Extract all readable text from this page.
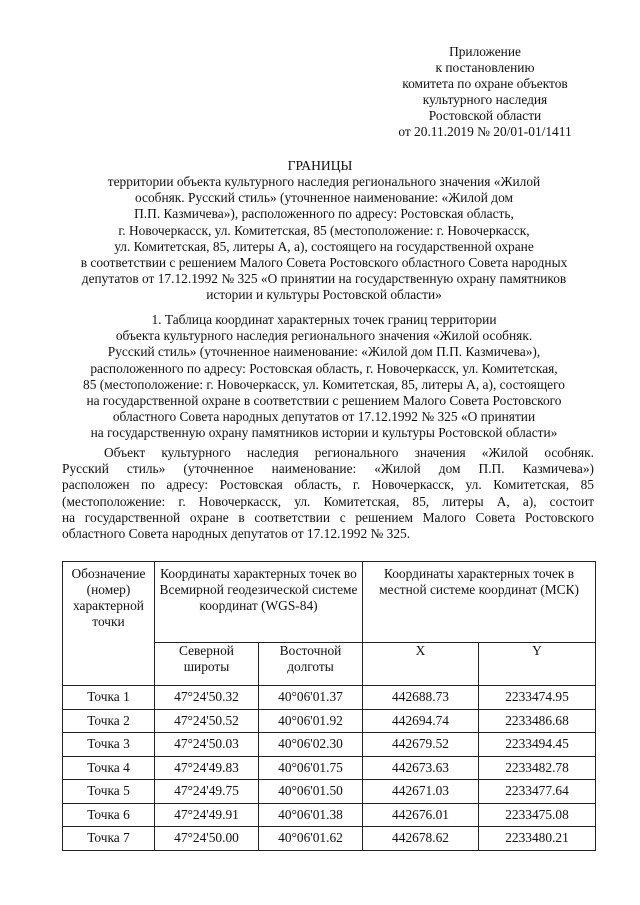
Приложение
к постановлению
комитета по охране объектов
культурного наследия
Ростовской области
от 20.11.2019 № 20/01-01/1411
ГРАНИЦЫ
территории объекта культурного наследия регионального значения «Жилой
особняк. Русский стиль» (уточненное наименование: «Жилой дом
П.П. Казмичева»), расположенного по адресу: Ростовская область,
г. Новочеркасск, ул. Комитетская, 85 (местоположение: г. Новочеркасск,
ул. Комитетская, 85, литеры А, а), состоящего на государственной охране
в соответствии с решением Малого Совета Ростовского областного Совета народных
депутатов от 17.12.1992 № 325 «О принятии на государственную охрану памятников
истории и культуры Ростовской области»
1. Таблица координат характерных точек границ территории
объекта культурного наследия регионального значения «Жилой особняк.
Русский стиль» (уточненное наименование: «Жилой дом П.П. Казмичева»),
расположенного по адресу: Ростовская область, г. Новочеркасск, ул. Комитетская,
85 (местоположение: г. Новочеркасск, ул. Комитетская, 85, литеры А, а), состоящего
на государственной охране в соответствии с решением Малого Совета Ростовского
областного Совета народных депутатов от 17.12.1992 № 325 «О принятии
на государственную охрану памятников истории и культуры Ростовской области»
Объект культурного наследия регионального значения «Жилой особняк.
Русский стиль» (уточненное наименование: «Жилой дом П.П. Казмичева»)
расположен по адресу: Ростовская область, г. Новочеркасск, ул. Комитетская, 85
(местоположение: г. Новочеркасск, ул. Комитетская, 85, литеры А, а), состоит
на государственной охране в соответствии с решением Малого Совета Ростовского
областного Совета народных депутатов от 17.12.1992 № 325.
Обозначение (номер) характерной точки	Координаты характерных точек во Всемирной геодезической системе координат (WGS-84)		Координаты характерных точек в местной системе координат (МСК)	
	Северной широты	Восточной долготы	X	Y
Точка 1	47°24'50.32	40°06'01.37	442688.73	2233474.95
Точка 2	47°24'50.52	40°06'01.92	442694.74	2233486.68
Точка 3	47°24'50.03	40°06'02.30	442679.52	2233494.45
Точка 4	47°24'49.83	40°06'01.75	442673.63	2233482.78
Точка 5	47°24'49.75	40°06'01.50	442671.03	2233477.64
Точка 6	47°24'49.91	40°06'01.38	442676.01	2233475.08
Точка 7	47°24'50.00	40°06'01.62	442678.62	2233480.21
